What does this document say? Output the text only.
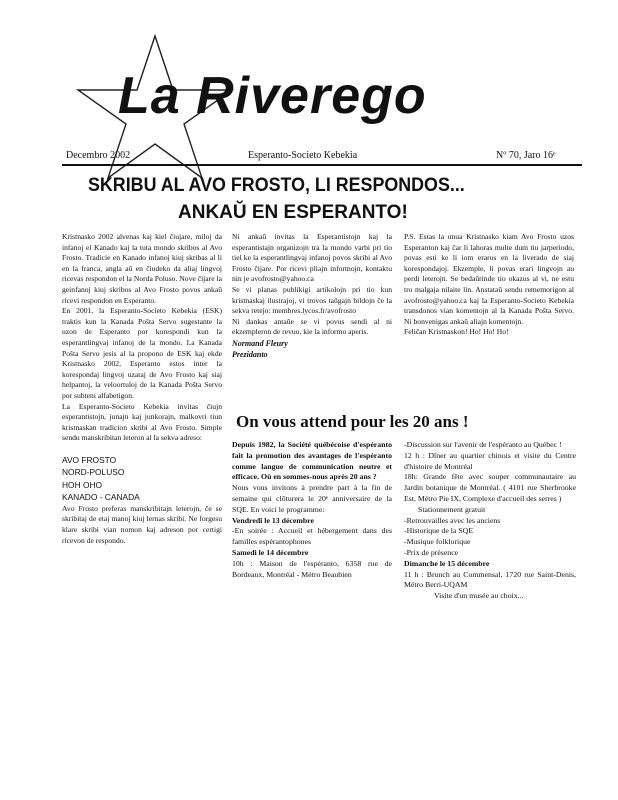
La Riverego
Decembro 2002	Esperanto-Societo Kebekia	Nº 70, Jaro 16ᵉ
SKRIBU AL AVO FROSTO, LI RESPONDOS...
ANKAŬ EN ESPERANTO!

Kristnasko 2002 alvenas kaj kiel ĉiujare, miloj da infanoj el Kanado kaj la tuta mondo skribos al Avo Frosto. Tradicie en Kanado infanoj kiuj skribas al li en la franca, angla aŭ en ĉiudeko da aliaj lingvoj ricevas respondon el la Norda Poluso. Nove ĉijare la geinfanoj kiuj skribos al Avo Frosto povos ankaŭ ricevi respondon en Esperanto.

En 2001, la Esperanto-Societo Kebekia (ESK) traktis kun la Kanada Poŝta Servo sugestante la uzon de Esperanto por korespondi kun la esperantlingvaj infanoj de la mondo. La Kanada Poŝta Servo jesis al la propono de ESK kaj ekde Kristnasko 2002, Esperanto estos inter la korespondaj lingvoj uzataj de Avo Frosto kaj siaj helpantoj, la veloortuloj de la Kanada Poŝta Servo por subteni alfabetigon.

La Esperanto-Societo Kebekia invitas ĉiujn esperantistojn, junajn kaj junkorajn, malkovri tiun kristnaskan tradicion skribi al Avo Frosto. Simple sendu manskribitan leteron al la sekva adreso:

AVO FROSTO
NORD-POLUSO
HOH OHO
KANADO - CANADA

Avo Frosto preferas manskribitajn leterojn, ĉe se skribitaj de etaj manoj kiuj lernas skribi. Ne forgesu klare skribi vian nomon kaj adreson por certigi ricevon de respondo.

Ni ankaŭ invitas la Esperantistojn kaj la esperantistajn organizojn tra la mondo varbi pri tio tiel ke la esperantlingvaj infanoj povos skribi al Avo Frosto ĉijare. Por ricevi pliajn informojn, kontaktu nin je avofrosto@yahoo.ca

Se vi planas publikigi artikolojn pri tio kun kristnaskaj ilustrajoj, vi trovos taŭgajn bildojn ĉe la sekva retejo: membres.lycos.fr/avofrosto

Ni dankas antaŭe se vi povus sendi al ni ekzempleron de revuo, kie la informo aperis.

Normand Fleury
Prezidanto

P.S. Estas la unua Kristnasko kiam Avo Frosto uzos Esperanton kaj ĉar li lahoras multe dum tiu jarperiodo, povas esti ke li iom eraros en la liverado de siaj korespondajoj. Ekzemple, li povas erari lingvojn au perdi leterojn. Se bedaŭrinde tio okazus al vi, ne estu tro malgaja nilaite lin. Anstataŭ sendu rememorigon al avofrosto@yahoo.ca kaj la Esperanto-Societo Kebekia transdonos vian komentojn al la Kanada Poŝta Servo. Ni bonvenigas ankaŭ aliajn komentojn.

Feliĉan Kristnaskon! Ho! Ho! Ho!

On vous attend pour les 20 ans !

Depuis 1982, la Société québécoise d'espéranto fait la promotion des avantages de l'espéranto comme langue de communication neutre et efficace. Où en sommes-nous après 20 ans ?

Nous vous invitons à prendre part à la fin de semaine qui clôturera le 20ᵉ anniversaire de la SQE. En voici le programme:

Vendredi le 13 décembre

-En soirée : Accueil et hébergement dans des familles espérantophones

Samedi le 14 décembre

10h : Maison de l'espéranto, 6358 rue de Bordeaux, Montréal - Métro Beaubien

-Discussion sur l'avenir de l'espéranto au Québec !

12 h : Dîner au quartier chinois et visite du Centre d'histoire de Montréal

18h: Grande fête avec souper communautaire au Jardin botanique de Montréal. ( 4101 rue Sherbrooke Est, Métro Pie IX, Complexe d'accueil des serres )

Stationnement gratuit

-Retrouvailles avec les anciens

-Historique de la SQE

-Musique folklorique

-Prix de présence

Dimanche le 15 décembre

11 h : Brunch au Commensal, 1720 rue Saint-Denis, Métro Berri-UQAM

Visite d'un musée au choix...
